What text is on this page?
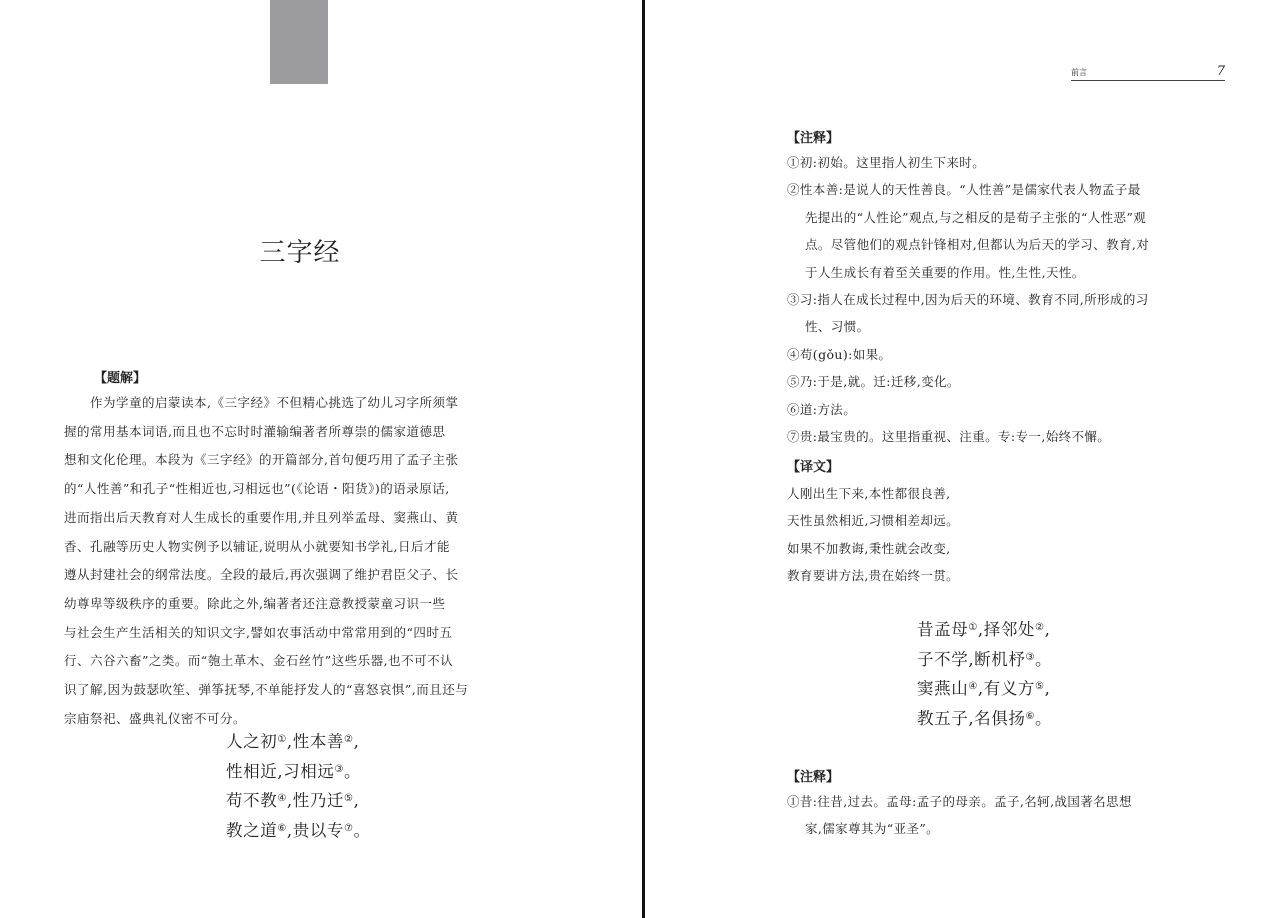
三字经
【题解】
作为学童的启蒙读本,《三字经》不但精心挑选了幼儿习字所须掌
握的常用基本词语,而且也不忘时时灌输编著者所尊崇的儒家道德思
想和文化伦理。本段为《三字经》的开篇部分,首句便巧用了孟子主张
的“人性善”和孔子“性相近也,习相远也”(《论语・阳货》)的语录原话,
进而指出后天教育对人生成长的重要作用,并且列举孟母、窦燕山、黄
香、孔融等历史人物实例予以辅证,说明从小就要知书学礼,日后才能
遵从封建社会的纲常法度。全段的最后,再次强调了维护君臣父子、长
幼尊卑等级秩序的重要。除此之外,编著者还注意教授蒙童习识一些
与社会生产生活相关的知识文字,譬如农事活动中常常用到的“四时五
行、六谷六畜”之类。而“匏土革木、金石丝竹”这些乐器,也不可不认
识了解,因为鼓瑟吹笙、弹筝抚琴,不单能抒发人的“喜怒哀惧”,而且还与
宗庙祭祀、盛典礼仪密不可分。
人之初①,性本善②,
性相近,习相远③。
苟不教④,性乃迁⑤,
教之道⑥,贵以专⑦。
前言	7
【注释】
①初:初始。这里指人初生下来时。
②性本善:是说人的天性善良。“人性善”是儒家代表人物孟子最
先提出的“人性论”观点,与之相反的是荀子主张的“人性恶”观
点。尽管他们的观点针锋相对,但都认为后天的学习、教育,对
于人生成长有着至关重要的作用。性,生性,天性。
③习:指人在成长过程中,因为后天的环境、教育不同,所形成的习
性、习惯。
④苟(gǒu):如果。
⑤乃:于是,就。迁:迁移,变化。
⑥道:方法。
⑦贵:最宝贵的。这里指重视、注重。专:专一,始终不懈。
【译文】
人刚出生下来,本性都很良善,
天性虽然相近,习惯相差却远。
如果不加教诲,秉性就会改变,
教育要讲方法,贵在始终一贯。
昔孟母①,择邻处②,
子不学,断机杼③。
窦燕山④,有义方⑤,
教五子,名俱扬⑥。
【注释】
①昔:往昔,过去。孟母:孟子的母亲。孟子,名轲,战国著名思想
家,儒家尊其为“亚圣”。
